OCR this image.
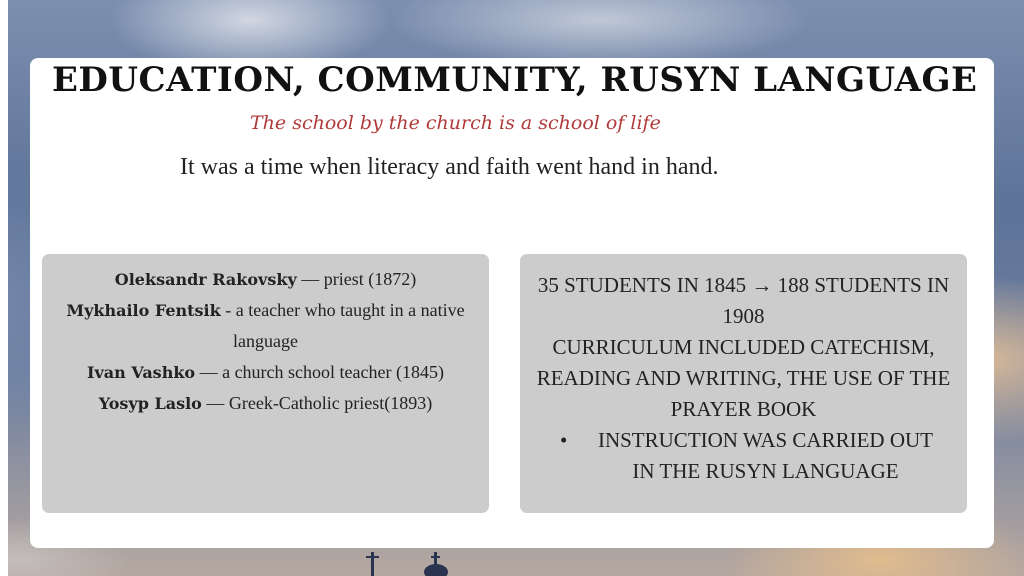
EDUCATION, COMMUNITY, RUSYN LANGUAGE
The school by the church is a school of life
It was a time when literacy and faith went hand in hand.
Oleksandr Rakovsky — priest (1872)
Mykhailo Fentsik - a teacher who taught in a native language
Ivan Vashko — a church school teacher (1845)
Yosyp Laslo — Greek-Catholic priest(1893)

35 STUDENTS IN 1845 → 188 STUDENTS IN 1908

CURRICULUM INCLUDED CATECHISM, READING AND WRITING, THE USE OF THE PRAYER BOOK

• INSTRUCTION WAS CARRIED OUT IN THE RUSYN LANGUAGE
